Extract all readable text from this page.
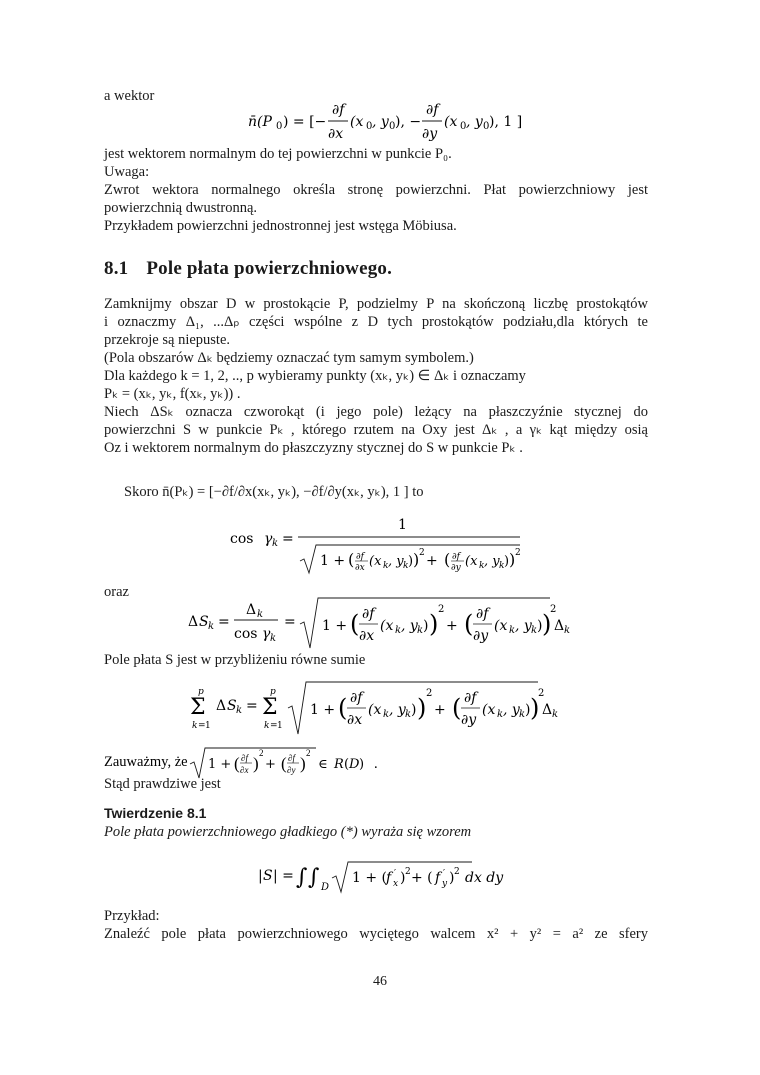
a wektor
n̄(P 0 ) = [−
∂f
∂x
(x 0 , y 0 ), −
∂f
∂y
(x 0 , y 0 ), 1 ]
jest wektorem normalnym do tej powierzchni w punkcie P₀.
Uwaga:
Zwrot wektora normalnego określa stronę powierzchni. Płat powierzchniowy jest
powierzchnią dwustronną.
Przykładem powierzchni jednostronnej jest wstęga Möbiusa.
8.1 Pole płata powierzchniowego.
Zamknijmy obszar D w prostokącie P, podzielmy P na skończoną liczbę prostokątów
i oznaczmy Δ₁, ...Δₚ części wspólne z D tych prostokątów podziału,dla których te
przekroje są niepuste.
(Pola obszarów Δₖ będziemy oznaczać tym samym symbolem.)
Dla każdego k = 1, 2, .., p wybieramy punkty (xₖ, yₖ) ∈ Δₖ i oznaczamy
Pₖ = (xₖ, yₖ, f(xₖ, yₖ)) .
Niech ΔSₖ oznacza czworokąt (i jego pole) leżący na płaszczyźnie stycznej do
powierzchni S w punkcie Pₖ , którego rzutem na Oxy jest Δₖ , a γₖ kąt między osią
Oz i wektorem normalnym do płaszczyzny stycznej do S w punkcie Pₖ .
Skoro n̄(Pₖ) = [−∂f/∂x(xₖ, yₖ), −∂f/∂y(xₖ, yₖ), 1 ] to
cos γ k =
1
1 + ( ∂f
∂x (x k , y k ) ) 2 + ( ∂f
∂y (x k , y k ) ) 2
oraz
Δ S k =
Δ k
cos γ k
= 1 + ( ∂f
∂x
(x k , y k ) )
2
+ ( ∂f
∂y
(x k , y k ) )
2
Δ k
Pole płata S jest w przybliżeniu równe sumie
p
Σ
k = 1
Δ S k =
p
Σ
k = 1
1 + ( ∂f
∂x
(x k , y k ) )
2
+ ( ∂f
∂y
(x k , y k ) )
2
Δ k
Zauważmy, że 1 + ( ∂f
∂x )
2
+ ( ∂f
∂y )
2
∈ R ( D ) .
Stąd prawdziwe jest
Twierdzenie 8.1
Pole płata powierzchniowego gładkiego (*) wyraża się wzorem
| S | = ∫ ∫ D
1 + ( f ′
x ) 2 + ( f ′
y ) 2 dx dy
Przykład:
Znaleźć pole płata powierzchniowego wyciętego walcem x² + y² = a² ze sfery
46
